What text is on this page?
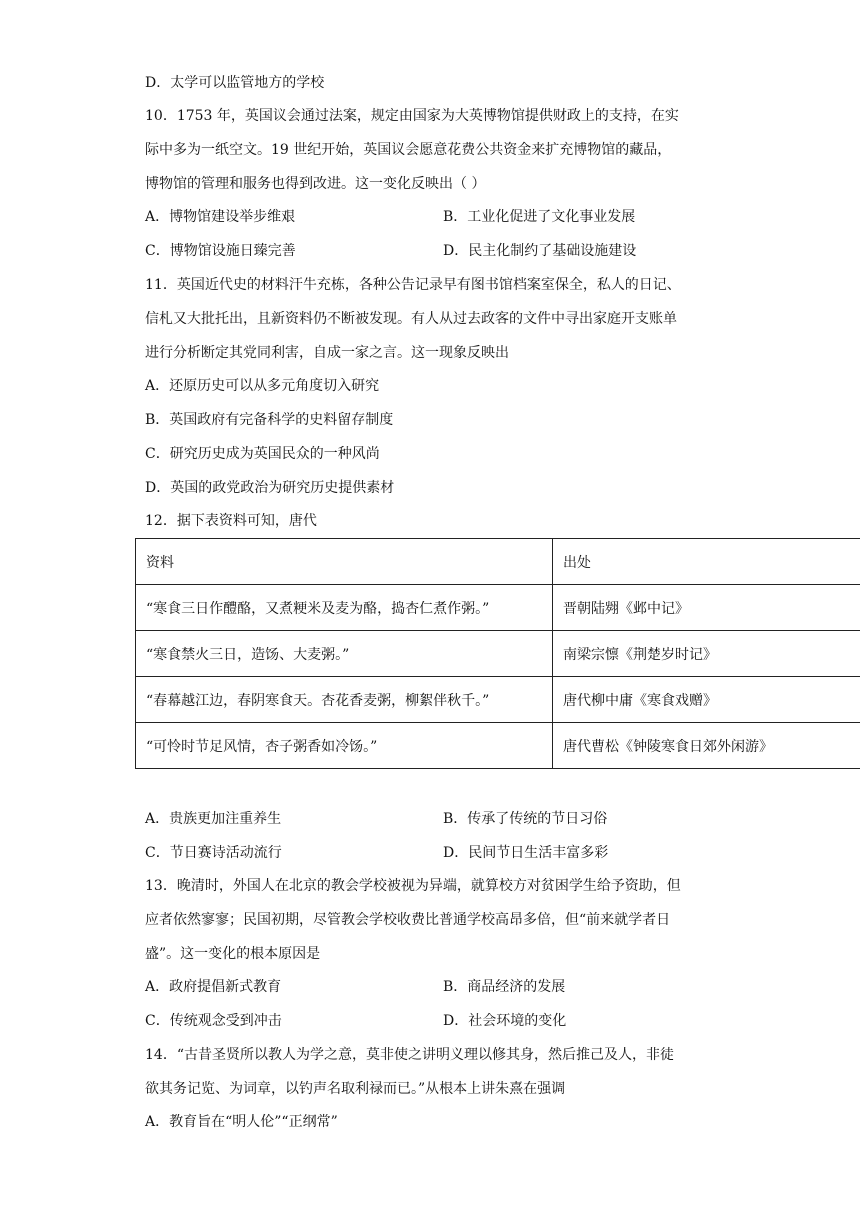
D．太学可以监管地方的学校
10．1753 年，英国议会通过法案，规定由国家为大英博物馆提供财政上的支持，在实
际中多为一纸空文。19 世纪开始，英国议会愿意花费公共资金来扩充博物馆的藏品，
博物馆的管理和服务也得到改进。这一变化反映出（ ）
A．博物馆建设举步维艰	B．工业化促进了文化事业发展
C．博物馆设施日臻完善	D．民主化制约了基础设施建设
11．英国近代史的材料汗牛充栋，各种公告记录早有图书馆档案室保全，私人的日记、
信札又大批托出，且新资料仍不断被发现。有人从过去政客的文件中寻出家庭开支账单
进行分析断定其党同利害，自成一家之言。这一现象反映出
A．还原历史可以从多元角度切入研究
B．英国政府有完备科学的史料留存制度
C．研究历史成为英国民众的一种风尚
D．英国的政党政治为研究历史提供素材
12．据下表资料可知，唐代
资料	出处
“寒食三日作醴酪，又煮粳米及麦为酪，捣杏仁煮作粥。”	晋朝陆翙《邺中记》
“寒食禁火三日，造饧、大麦粥。”	南梁宗懔《荆楚岁时记》
“春幕越江边，春阴寒食天。杏花香麦粥，柳絮伴秋千。”	唐代柳中庸《寒食戏赠》
“可怜时节足风情，杏子粥香如冷饧。”	唐代曹松《钟陵寒食日郊外闲游》
A．贵族更加注重养生	B．传承了传统的节日习俗
C．节日赛诗活动流行	D．民间节日生活丰富多彩
13．晚清时，外国人在北京的教会学校被视为异端，就算校方对贫困学生给予资助，但
应者依然寥寥；民国初期，尽管教会学校收费比普通学校高昂多倍，但“前来就学者日
盛”。这一变化的根本原因是
A．政府提倡新式教育	B．商品经济的发展
C．传统观念受到冲击	D．社会环境的变化
14．“古昔圣贤所以教人为学之意，莫非使之讲明义理以修其身，然后推己及人，非徒
欲其务记览、为词章，以钓声名取利禄而已。”从根本上讲朱熹在强调
A．教育旨在“明人伦”“正纲常”
